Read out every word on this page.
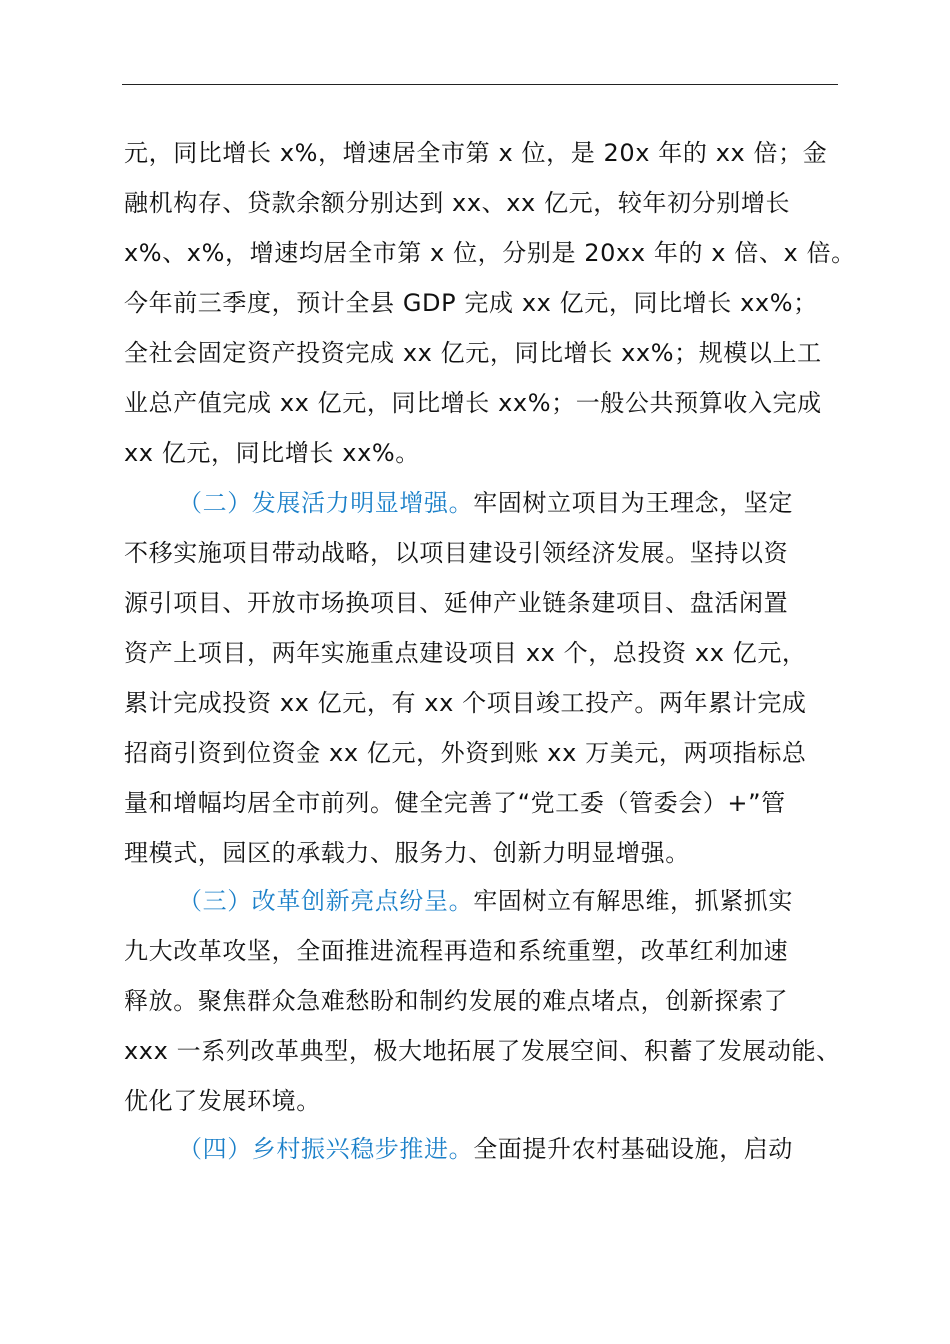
元，同比增长 x%，增速居全市第 x 位，是 20x 年的 xx 倍；金
融机构存、贷款余额分别达到 xx、xx 亿元，较年初分别增长
x%、x%，增速均居全市第 x 位，分别是 20xx 年的 x 倍、x 倍。
今年前三季度，预计全县 GDP 完成 xx 亿元，同比增长 xx%；
全社会固定资产投资完成 xx 亿元，同比增长 xx%；规模以上工
业总产值完成 xx 亿元，同比增长 xx%；一般公共预算收入完成
xx 亿元，同比增长 xx%。
（二）发展活力明显增强。牢固树立项目为王理念，坚定
不移实施项目带动战略，以项目建设引领经济发展。坚持以资
源引项目、开放市场换项目、延伸产业链条建项目、盘活闲置
资产上项目，两年实施重点建设项目 xx 个，总投资 xx 亿元，
累计完成投资 xx 亿元，有 xx 个项目竣工投产。两年累计完成
招商引资到位资金 xx 亿元，外资到账 xx 万美元，两项指标总
量和增幅均居全市前列。健全完善了“党工委（管委会）+”管
理模式，园区的承载力、服务力、创新力明显增强。
（三）改革创新亮点纷呈。牢固树立有解思维，抓紧抓实
九大改革攻坚，全面推进流程再造和系统重塑，改革红利加速
释放。聚焦群众急难愁盼和制约发展的难点堵点，创新探索了
xxx 一系列改革典型，极大地拓展了发展空间、积蓄了发展动能、
优化了发展环境。
（四）乡村振兴稳步推进。全面提升农村基础设施，启动
